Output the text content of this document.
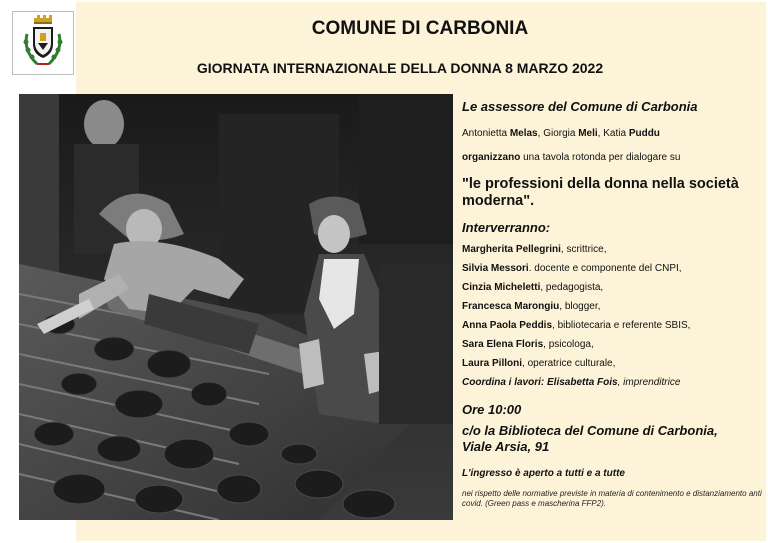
COMUNE DI CARBONIA
GIORNATA INTERNAZIONALE DELLA DONNA 8 MARZO 2022
Le assessore del Comune di Carbonia
Antonietta Melas, Giorgia Meli, Katia Puddu
organizzano una tavola rotonda per dialogare su
"le professioni della donna nella società moderna".
Interverranno:
Margherita Pellegrini, scrittrice,
Silvia Messori. docente e componente del CNPI,
Cinzia Micheletti, pedagogista,
Francesca Marongiu, blogger,
Anna Paola Peddis, bibliotecaria e referente SBIS,
Sara Elena Floris, psicologa,
Laura Pilloni, operatrice culturale,
Coordina i lavori: Elisabetta Fois, imprenditrice
Ore 10:00
c/o la Biblioteca del Comune di Carbonia,
Viale Arsia, 91
L'ingresso è aperto a tutti e a tutte
nei rispetto delle normative previste in materia di contenimento e distanziamento anti covid. (Green pass e mascherina FFP2).
